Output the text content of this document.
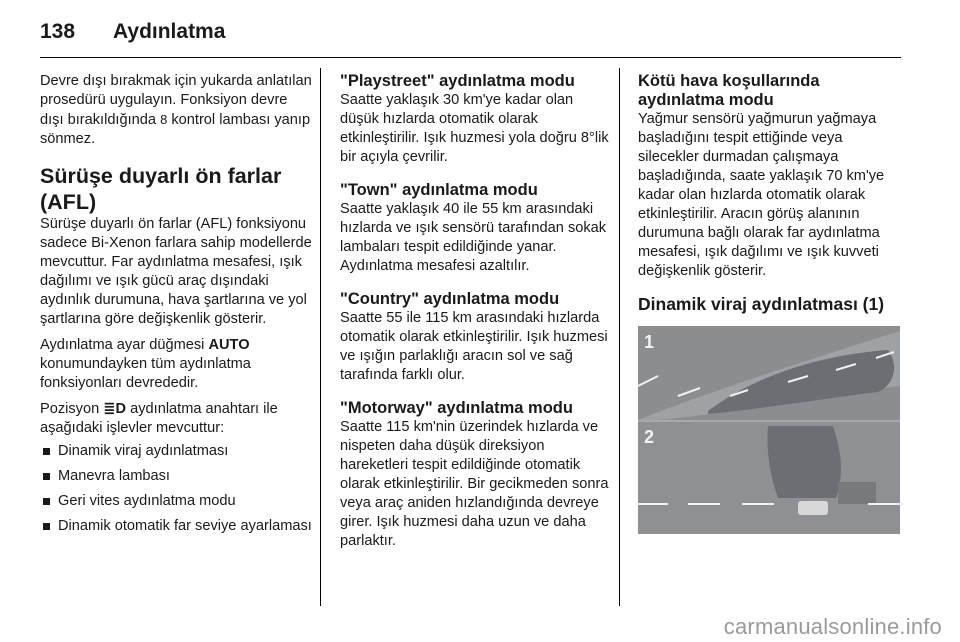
138 Aydınlatma

Devre dışı bırakmak için yukarda anlatılan prosedürü uygulayın. Fonksiyon devre dışı bırakıldığında 8 kontrol lambası yanıp sönmez.

Sürüşe duyarlı ön farlar (AFL)

Sürüşe duyarlı ön farlar (AFL) fonksiyonu sadece Bi-Xenon farlara sahip modellerde mevcuttur. Far aydınlatma mesafesi, ışık dağılımı ve ışık gücü araç dışındaki aydınlık durumuna, hava şartlarına ve yol şartlarına göre değişkenlik gösterir.

Aydınlatma ayar düğmesi AUTO konumundayken tüm aydınlatma fonksiyonları devrededir.

Pozisyon ≣D aydınlatma anahtarı ile aşağıdaki işlevler mevcuttur:

Dinamik viraj aydınlatması
Manevra lambası
Geri vites aydınlatma modu
Dinamik otomatik far seviye ayarlaması
"Playstreet" aydınlatma modu

Saatte yaklaşık 30 km'ye kadar olan düşük hızlarda otomatik olarak etkinleştirilir. Işık huzmesi yola doğru 8°lik bir açıyla çevrilir.

"Town" aydınlatma modu

Saatte yaklaşık 40 ile 55 km arasındaki hızlarda ve ışık sensörü tarafından sokak lambaları tespit edildiğinde yanar. Aydınlatma mesafesi azaltılır.

"Country" aydınlatma modu

Saatte 55 ile 115 km arasındaki hızlarda otomatik olarak etkinleştirilir. Işık huzmesi ve ışığın parlaklığı aracın sol ve sağ tarafında farklı olur.

"Motorway" aydınlatma modu

Saatte 115 km'nin üzerindek hızlarda ve nispeten daha düşük direksiyon hareketleri tespit edildiğinde otomatik olarak etkinleştirilir. Bir gecikmeden sonra veya araç aniden hızlandığında devreye girer. Işık huzmesi daha uzun ve daha parlaktır.

Kötü hava koşullarında aydınlatma modu

Yağmur sensörü yağmurun yağmaya başladığını tespit ettiğinde veya silecekler durmadan çalışmaya başladığında, saate yaklaşık 70 km'ye kadar olan hızlarda otomatik olarak etkinleştirilir. Aracın görüş alanının durumuna bağlı olarak far aydınlatma mesafesi, ışık dağılımı ve ışık kuvveti değişkenlik gösterir.

Dinamik viraj aydınlatması (1)
1
2
carmanualsonline.info
